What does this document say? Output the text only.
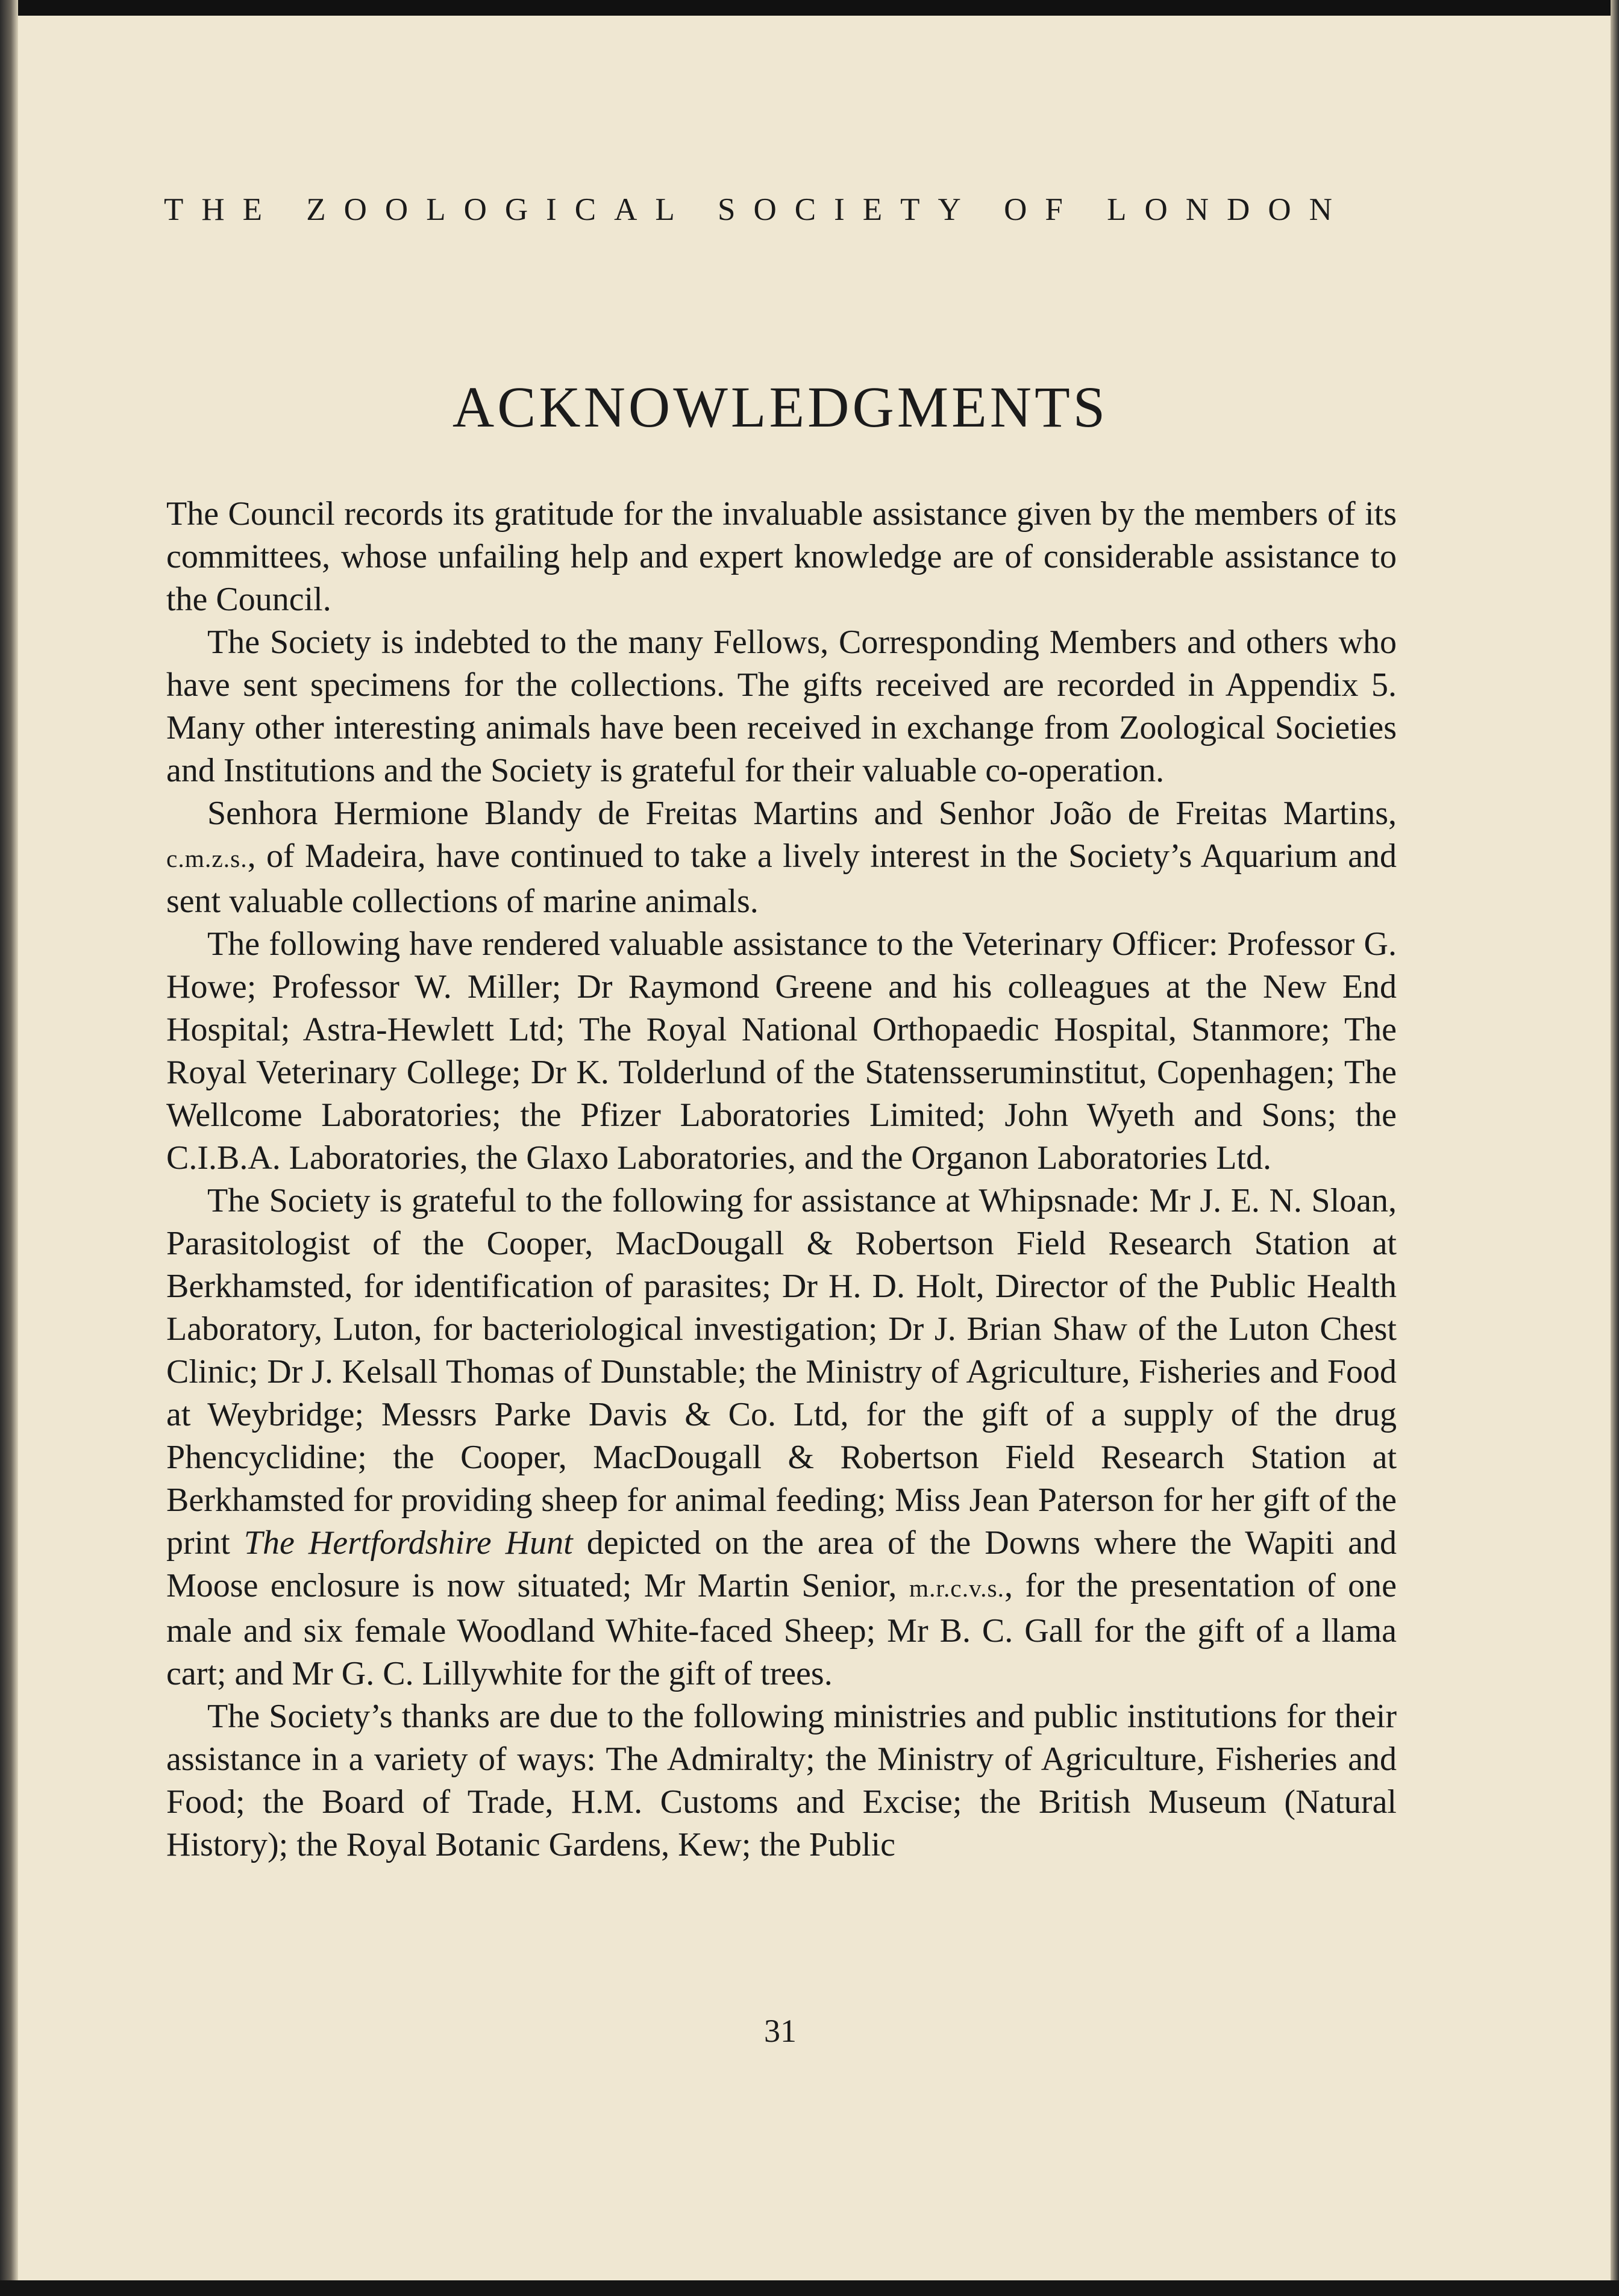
THE ZOOLOGICAL SOCIETY OF LONDON
ACKNOWLEDGMENTS

The Council records its gratitude for the invaluable assistance given by the members of its committees, whose unfailing help and expert knowledge are of considerable assistance to the Council.

The Society is indebted to the many Fellows, Corresponding Members and others who have sent specimens for the collections. The gifts received are recorded in Appendix 5. Many other interesting animals have been received in exchange from Zoological Societies and Institutions and the Society is grateful for their valuable co-operation.

Senhora Hermione Blandy de Freitas Martins and Senhor João de Freitas Martins, c.m.z.s., of Madeira, have continued to take a lively interest in the Society’s Aquarium and sent valuable collections of marine animals.

The following have rendered valuable assistance to the Veterinary Officer: Professor G. Howe; Professor W. Miller; Dr Raymond Greene and his colleagues at the New End Hospital; Astra-Hewlett Ltd; The Royal National Orthopaedic Hospital, Stanmore; The Royal Veterinary College; Dr K. Tolderlund of the Statensseruminstitut, Copenhagen; The Wellcome Laboratories; the Pfizer Laboratories Limited; John Wyeth and Sons; the C.I.B.A. Laboratories, the Glaxo Laboratories, and the Organon Laboratories Ltd.

The Society is grateful to the following for assistance at Whipsnade: Mr J. E. N. Sloan, Parasitologist of the Cooper, MacDougall & Robertson Field Research Station at Berkhamsted, for identification of parasites; Dr H. D. Holt, Director of the Public Health Laboratory, Luton, for bacteriological investigation; Dr J. Brian Shaw of the Luton Chest Clinic; Dr J. Kelsall Thomas of Dunstable; the Ministry of Agriculture, Fisheries and Food at Weybridge; Messrs Parke Davis & Co. Ltd, for the gift of a supply of the drug Phencyclidine; the Cooper, MacDougall & Robertson Field Research Station at Berkhamsted for providing sheep for animal feeding; Miss Jean Paterson for her gift of the print The Hertfordshire Hunt depicted on the area of the Downs where the Wapiti and Moose enclosure is now situated; Mr Martin Senior, m.r.c.v.s., for the presentation of one male and six female Woodland White-faced Sheep; Mr B. C. Gall for the gift of a llama cart; and Mr G. C. Lillywhite for the gift of trees.

The Society’s thanks are due to the following ministries and public institutions for their assistance in a variety of ways: The Admiralty; the Ministry of Agriculture, Fisheries and Food; the Board of Trade, H.M. Customs and Excise; the British Museum (Natural History); the Royal Botanic Gardens, Kew; the Public

31
